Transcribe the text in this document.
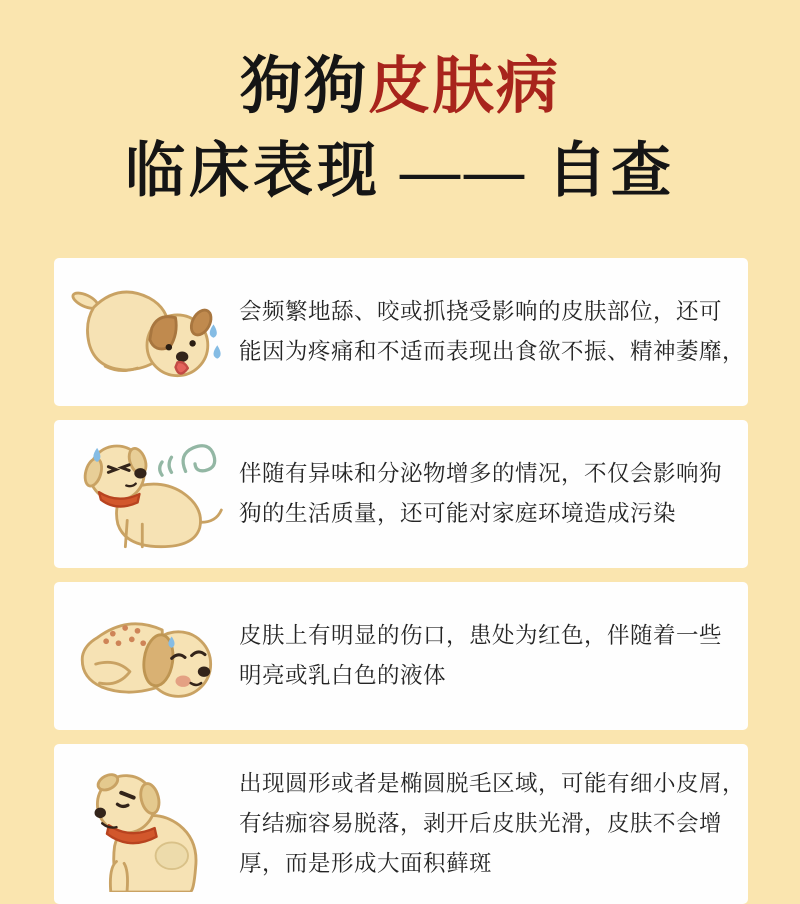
狗狗皮肤病
临床表现 —— 自查
会频繁地舔、咬或抓挠受影响的皮肤部位，还可
能因为疼痛和不适而表现出食欲不振、精神萎靡，
伴随有异味和分泌物增多的情况，不仅会影响狗
狗的生活质量，还可能对家庭环境造成污染
皮肤上有明显的伤口，患处为红色，伴随着一些
明亮或乳白色的液体
出现圆形或者是椭圆脱毛区域，可能有细小皮屑，
有结痂容易脱落，剥开后皮肤光滑，皮肤不会增
厚，而是形成大面积藓斑
